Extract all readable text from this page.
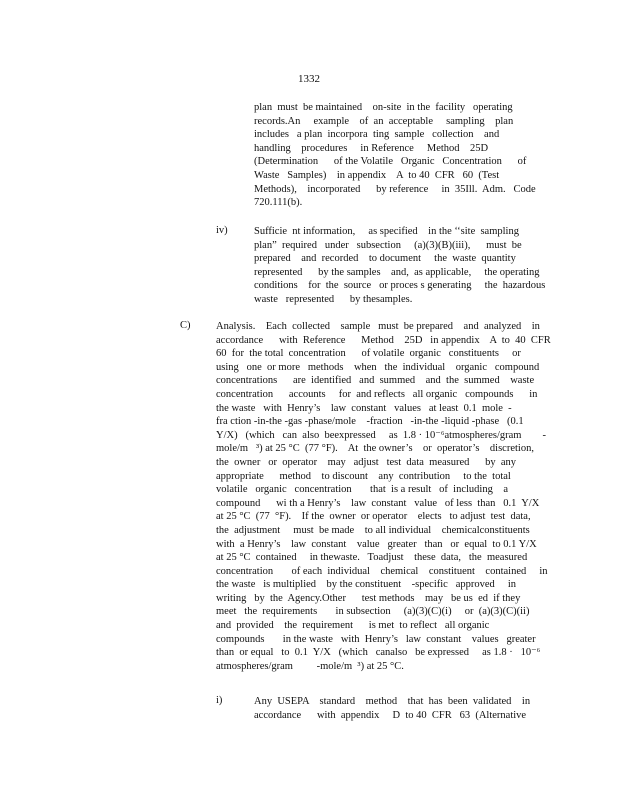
1332
plan  must  be maintained    on-site  in the  facility   operating
records.An     example    of  an  acceptable     sampling    plan
includes   a plan  incorpora  ting  sample   collection    and
handling    procedures     in Reference     Method    25D
(Determination      of the Volatile   Organic   Concentration      of
Waste   Samples)    in appendix    A  to 40  CFR   60  (Test
Methods),    incorporated      by reference     in  35Ill.  Adm.   Code
720.111(b).
iv)	Sufficie  nt information,     as specified    in the ‘‘site  sampling
plan”  required   under   subsection     (a)(3)(B)(iii),      must  be
prepared    and  recorded    to document     the  waste  quantity
represented      by the samples    and,  as applicable,     the operating
conditions    for  the  source   or proces s generating     the  hazardous
waste   represented      by thesamples.
C) Analysis.    Each  collected    sample   must  be prepared    and  analyzed    in
accordance      with  Reference      Method    25D   in appendix    A  to  40  CFR
60  for  the total  concentration      of volatile  organic   constituents     or
using   one  or more   methods    when   the  individual    organic   compound
concentrations      are  identified   and  summed    and  the  summed    waste
concentration      accounts     for  and reflects   all organic   compounds      in
the waste   with  Henry’s    law  constant   values   at least  0.1  mole  -
fra ction -in-the -gas -phase/mole    -fraction   -in-the -liquid -phase   (0.1
Y/X)   (which   can  also  beexpressed     as  1.8 · 10⁻⁶atmospheres/gram        -
mole/m   ³) at 25 °C  (77 °F).    At  the owner’s    or  operator’s    discretion,
the  owner   or  operator    may   adjust   test  data  measured      by  any
appropriate      method    to discount    any  contribution     to the  total
volatile   organic   concentration       that  is a result   of  including    a
compound      wi th a Henry’s    law  constant   value   of less  than   0.1  Y/X
at 25 °C  (77  °F).    If the  owner  or operator    elects   to adjust  test  data,
the  adjustment     must  be made    to all individual    chemicalconstituents
with  a Henry’s    law  constant    value   greater   than   or  equal  to 0.1 Y/X
at 25 °C  contained     in thewaste.   Toadjust    these  data,   the  measured
concentration       of each  individual    chemical    constituent    contained     in
the waste   is multiplied    by the constituent    -specific   approved     in
writing   by  the  Agency.Other      test methods    may   be us  ed  if they
meet   the  requirements       in subsection     (a)(3)(C)(i)     or  (a)(3)(C)(ii)
and  provided    the  requirement      is met  to reflect   all organic
compounds       in the waste   with  Henry’s   law  constant    values   greater
than  or equal   to  0.1  Y/X   (which   canalso   be expressed     as 1.8 ·   10⁻⁶
atmospheres/gram         -mole/m  ³) at 25 °C.
i)	Any  USEPA    standard    method    that  has  been  validated    in
accordance      with  appendix     D  to 40  CFR   63  (Alternative
